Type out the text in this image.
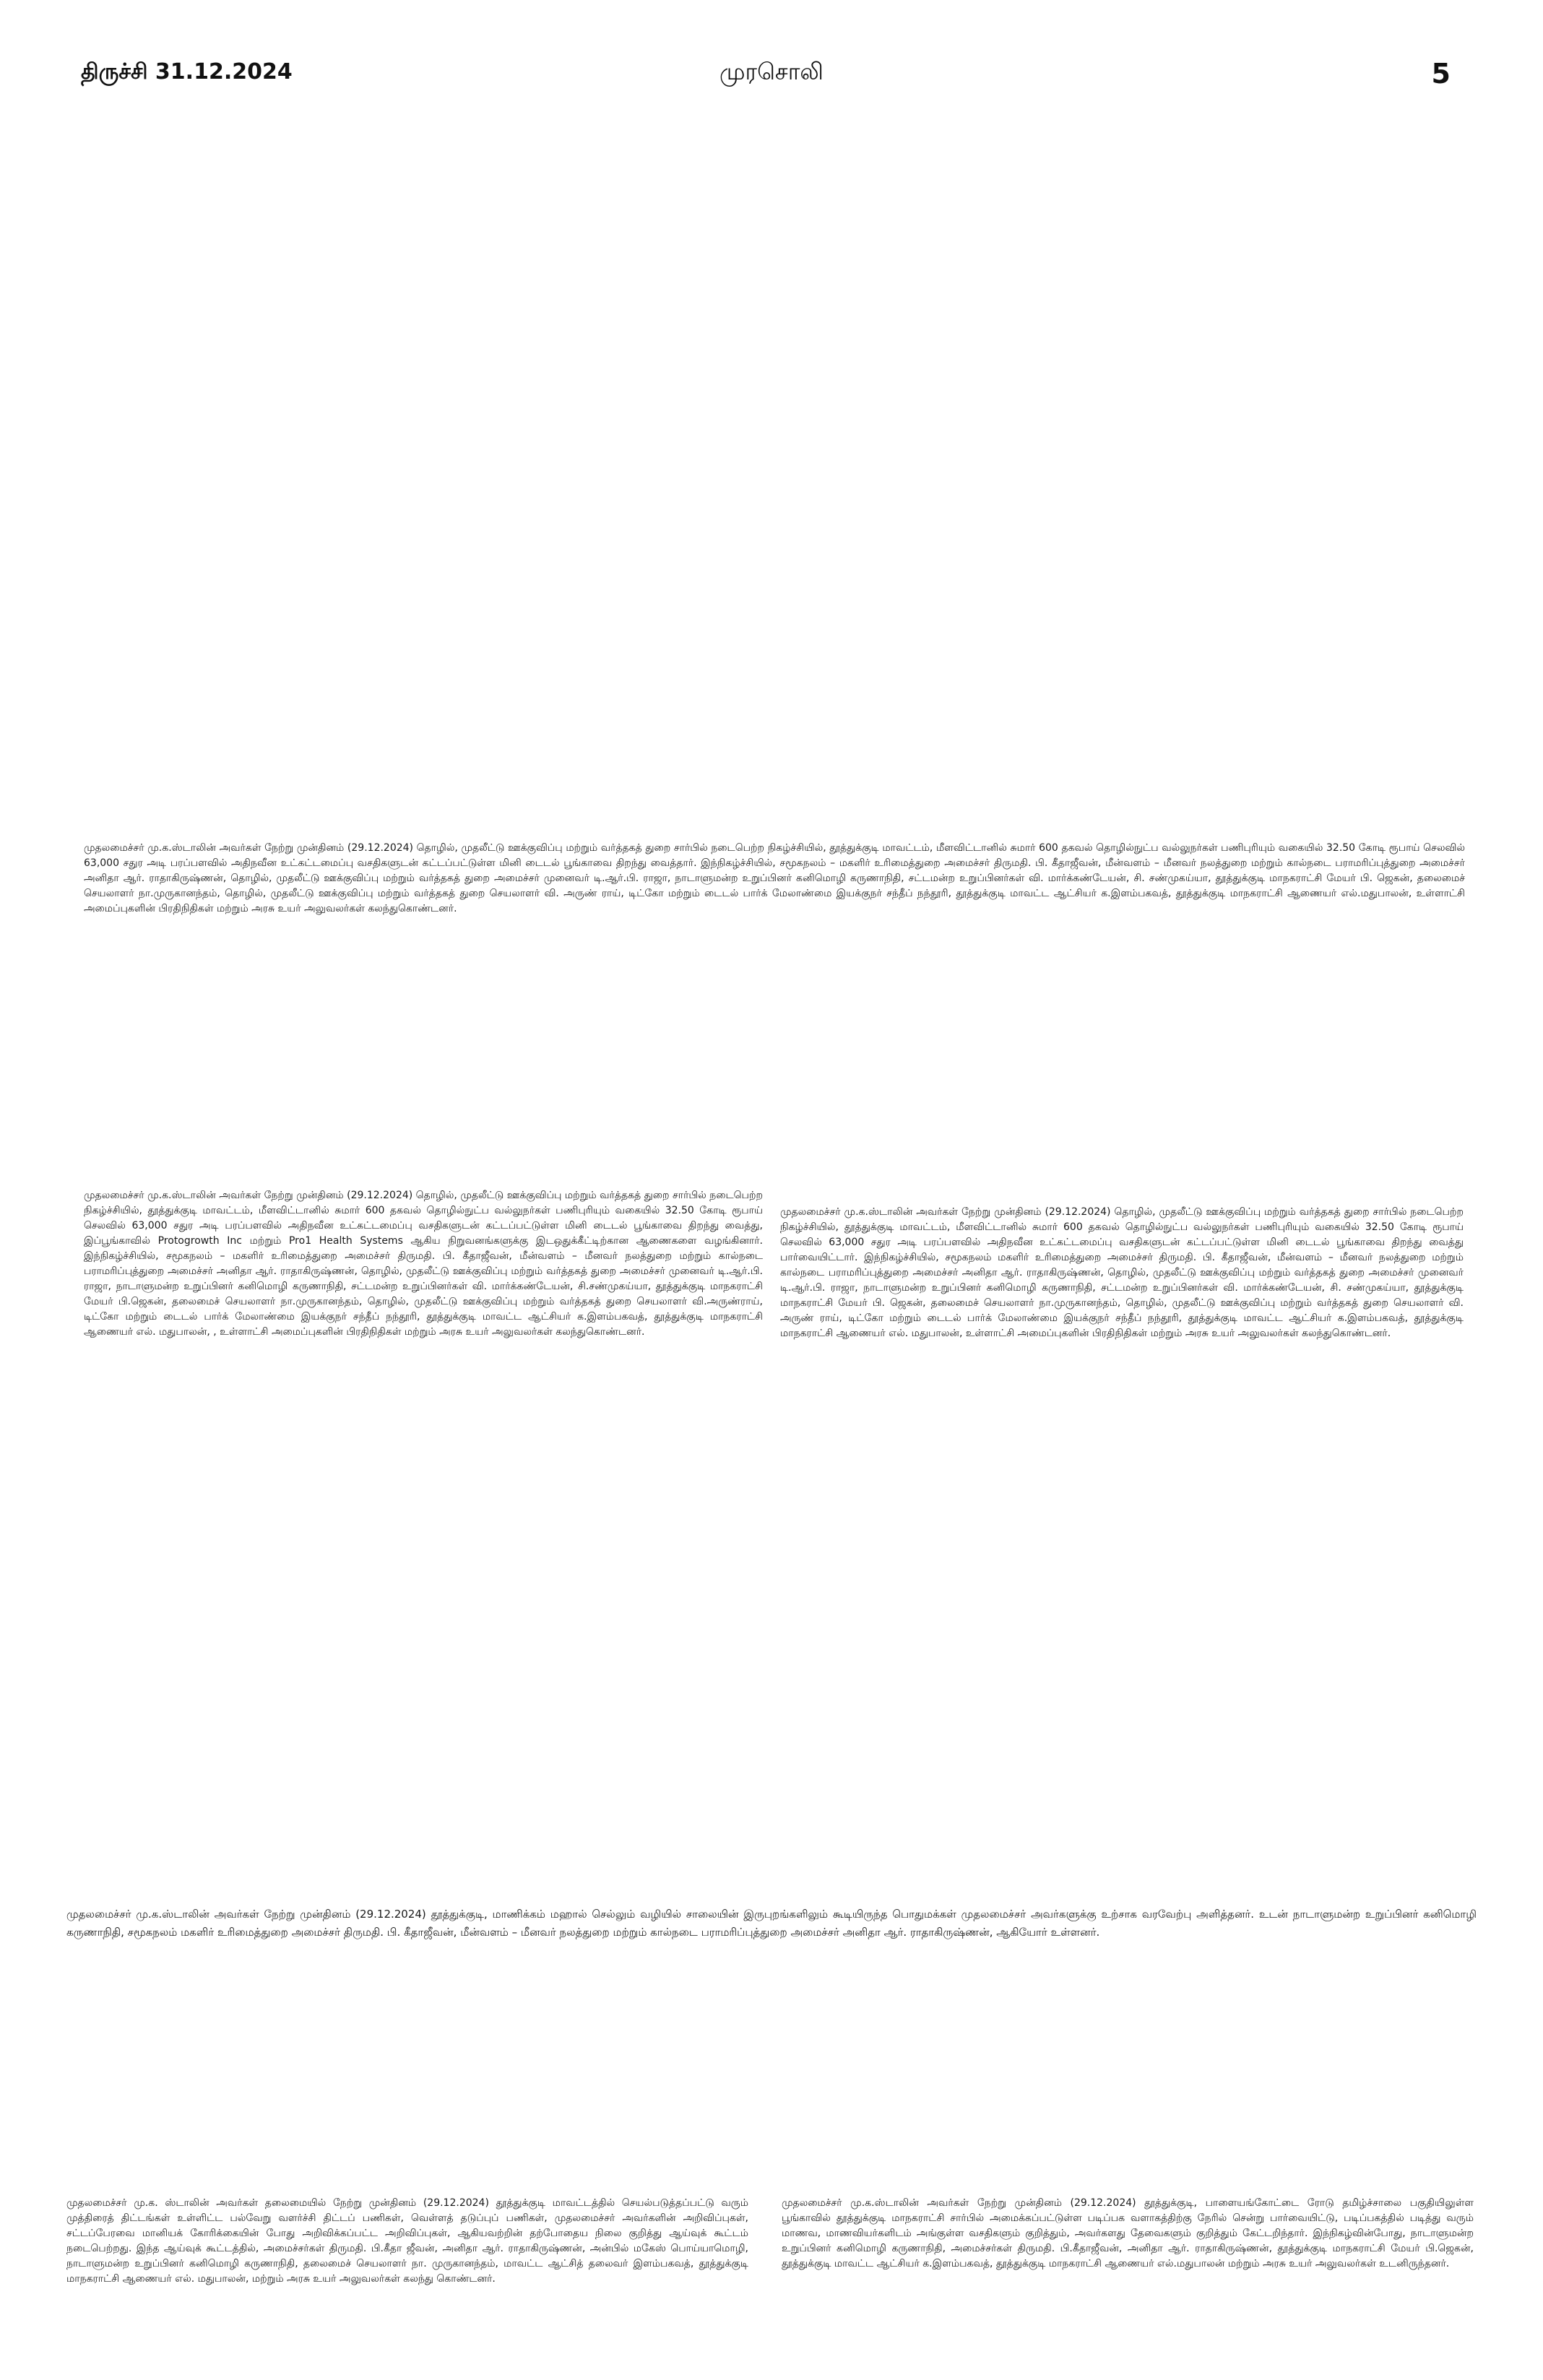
திருச்சி 31.12.2024	முரசொலி	5

முதலமைச்சர் மு.க.ஸ்டாலின் அவர்கள் நேற்று முன்தினம் (29.12.2024) தொழில், முதலீட்டு ஊக்குவிப்பு மற்றும் வர்த்தகத் துறை சார்பில் நடைபெற்ற நிகழ்ச்சியில், தூத்துக்குடி மாவட்டம், மீளவிட்டானில் சுமார் 600 தகவல் தொழில்நுட்ப வல்லுநர்கள் பணிபுரியும் வகையில் 32.50 கோடி ரூபாய் செலவில் 63,000 சதுர அடி பரப்பளவில் அதிநவீன உட்கட்டமைப்பு வசதிகளுடன் கட்டப்பட்டுள்ள மினி டைடல் பூங்காவை திறந்து வைத்தார். இந்நிகழ்ச்சியில், சமூகநலம் – மகளிர் உரிமைத்துறை அமைச்சர் திருமதி. பி. கீதாஜீவன், மீன்வளம் – மீனவர் நலத்துறை மற்றும் கால்நடை பராமரிப்புத்துறை அமைச்சர் அனிதா ஆர். ராதாகிருஷ்ணன், தொழில், முதலீட்டு ஊக்குவிப்பு மற்றும் வர்த்தகத் துறை அமைச்சர் முனைவர் டி.ஆர்.பி. ராஜா, நாடாளுமன்ற உறுப்பினர் கனிமொழி கருணாநிதி, சட்டமன்ற உறுப்பினர்கள் வி. மார்க்கண்டேயன், சி. சண்முகய்யா, தூத்துக்குடி மாநகராட்சி மேயர் பி. ஜெகன், தலைமைச் செயலாளர் நா.முருகானந்தம், தொழில், முதலீட்டு ஊக்குவிப்பு மற்றும் வர்த்தகத் துறை செயலாளர் வி. அருண் ராய், டிட்கோ மற்றும் டைடல் பார்க் மேலாண்மை இயக்குநர் சந்தீப் நந்தூரி, தூத்துக்குடி மாவட்ட ஆட்சியர் க.இளம்பகவத், தூத்துக்குடி மாநகராட்சி ஆணையர் எல்.மதுபாலன், உள்ளாட்சி அமைப்புகளின் பிரதிநிதிகள் மற்றும் அரசு உயர் அலுவலர்கள் கலந்துகொண்டனர்.

முதலமைச்சர் மு.க.ஸ்டாலின் அவர்கள் நேற்று முன்தினம் (29.12.2024) தொழில், முதலீட்டு ஊக்குவிப்பு மற்றும் வர்த்தகத் துறை சார்பில் நடைபெற்ற நிகழ்ச்சியில், தூத்துக்குடி மாவட்டம், மீளவிட்டானில் சுமார் 600 தகவல் தொழில்நுட்ப வல்லுநர்கள் பணிபுரியும் வகையில் 32.50 கோடி ரூபாய் செலவில் 63,000 சதுர அடி பரப்பளவில் அதிநவீன உட்கட்டமைப்பு வசதிகளுடன் கட்டப்பட்டுள்ள மினி டைடல் பூங்காவை திறந்து வைத்து, இப்பூங்காவில் Protogrowth Inc மற்றும் Pro1 Health Systems ஆகிய நிறுவனங்களுக்கு இடஒதுக்கீட்டிற்கான ஆணைகளை வழங்கினார். இந்நிகழ்ச்சியில், சமூகநலம் – மகளிர் உரிமைத்துறை அமைச்சர் திருமதி. பி. கீதாஜீவன், மீன்வளம் – மீனவர் நலத்துறை மற்றும் கால்நடை பராமரிப்புத்துறை அமைச்சர் அனிதா ஆர். ராதாகிருஷ்ணன், தொழில், முதலீட்டு ஊக்குவிப்பு மற்றும் வர்த்தகத் துறை அமைச்சர் முனைவர் டி.ஆர்.பி. ராஜா, நாடாளுமன்ற உறுப்பினர் கனிமொழி கருணாநிதி, சட்டமன்ற உறுப்பினர்கள் வி. மார்க்கண்டேயன், சி.சண்முகய்யா, தூத்துக்குடி மாநகராட்சி மேயர் பி.ஜெகன், தலைமைச் செயலாளர் நா.முருகானந்தம், தொழில், முதலீட்டு ஊக்குவிப்பு மற்றும் வர்த்தகத் துறை செயலாளர் வி.அருண்ராய், டிட்கோ மற்றும் டைடல் பார்க் மேலாண்மை இயக்குநர் சந்தீப் நந்தூரி, தூத்துக்குடி மாவட்ட ஆட்சியர் க.இளம்பகவத், தூத்துக்குடி மாநகராட்சி ஆணையர் எல். மதுபாலன், , உள்ளாட்சி அமைப்புகளின் பிரதிநிதிகள் மற்றும் அரசு உயர் அலுவலர்கள் கலந்துகொண்டனர்.

முதலமைச்சர் மு.க.ஸ்டாலின் அவர்கள் நேற்று முன்தினம் (29.12.2024) தொழில், முதலீட்டு ஊக்குவிப்பு மற்றும் வர்த்தகத் துறை சார்பில் நடைபெற்ற நிகழ்ச்சியில், தூத்துக்குடி மாவட்டம், மீளவிட்டானில் சுமார் 600 தகவல் தொழில்நுட்ப வல்லுநர்கள் பணிபுரியும் வகையில் 32.50 கோடி ரூபாய் செலவில் 63,000 சதுர அடி பரப்பளவில் அதிநவீன உட்கட்டமைப்பு வசதிகளுடன் கட்டப்பட்டுள்ள மினி டைடல் பூங்காவை திறந்து வைத்து பார்வையிட்டார். இந்நிகழ்ச்சியில், சமூகநலம் மகளிர் உரிமைத்துறை அமைச்சர் திருமதி. பி. கீதாஜீவன், மீன்வளம் – மீனவர் நலத்துறை மற்றும் கால்நடை பராமரிப்புத்துறை அமைச்சர் அனிதா ஆர். ராதாகிருஷ்ணன், தொழில், முதலீட்டு ஊக்குவிப்பு மற்றும் வர்த்தகத் துறை அமைச்சர் முனைவர் டி.ஆர்.பி. ராஜா, நாடாளுமன்ற உறுப்பினர் கனிமொழி கருணாநிதி, சட்டமன்ற உறுப்பினர்கள் வி. மார்க்கண்டேயன், சி. சண்முகய்யா, தூத்துக்குடி மாநகராட்சி மேயர் பி. ஜெகன், தலைமைச் செயலாளர் நா.முருகானந்தம், தொழில், முதலீட்டு ஊக்குவிப்பு மற்றும் வர்த்தகத் துறை செயலாளர் வி. அருண் ராய், டிட்கோ மற்றும் டைடல் பார்க் மேலாண்மை இயக்குநர் சந்தீப் நந்தூரி, தூத்துக்குடி மாவட்ட ஆட்சியர் க.இளம்பகவத், தூத்துக்குடி மாநகராட்சி ஆணையர் எல். மதுபாலன், உள்ளாட்சி அமைப்புகளின் பிரதிநிதிகள் மற்றும் அரசு உயர் அலுவலர்கள் கலந்துகொண்டனர்.

முதலமைச்சர் மு.க.ஸ்டாலின் அவர்கள் நேற்று முன்தினம் (29.12.2024) தூத்துக்குடி, மாணிக்கம் மஹால் செல்லும் வழியில் சாலையின் இருபுறங்களிலும் கூடியிருந்த பொதுமக்கள் முதலமைச்சர் அவர்களுக்கு உற்சாக வரவேற்பு அளித்தனர். உடன் நாடாளுமன்ற உறுப்பினர் கனிமொழி கருணாநிதி, சமூகநலம் மகளிர் உரிமைத்துறை அமைச்சர் திருமதி. பி. கீதாஜீவன், மீன்வளம் – மீனவர் நலத்துறை மற்றும் கால்நடை பராமரிப்புத்துறை அமைச்சர் அனிதா ஆர். ராதாகிருஷ்ணன், ஆகியோர் உள்ளனர்.

முதலமைச்சர் மு.க. ஸ்டாலின் அவர்கள் தலைமையில் நேற்று முன்தினம் (29.12.2024) தூத்துக்குடி மாவட்டத்தில் செயல்படுத்தப்பட்டு வரும் முத்திரைத் திட்டங்கள் உள்ளிட்ட பல்வேறு வளர்ச்சி திட்டப் பணிகள், வெள்ளத் தடுப்புப் பணிகள், முதலமைச்சர் அவர்களின் அறிவிப்புகள், சட்டப்பேரவை மானியக் கோரிக்கையின் போது அறிவிக்கப்பட்ட அறிவிப்புகள், ஆகியவற்றின் தற்போதைய நிலை குறித்து ஆய்வுக் கூட்டம் நடைபெற்றது. இந்த ஆய்வுக் கூட்டத்தில், அமைச்சர்கள் திருமதி. பி.கீதா ஜீவன், அனிதா ஆர். ராதாகிருஷ்ணன், அன்பில் மகேஸ் பொய்யாமொழி, நாடாளுமன்ற உறுப்பினர் கனிமொழி கருணாநிதி, தலைமைச் செயலாளர் நா. முருகானந்தம், மாவட்ட ஆட்சித் தலைவர் இளம்பகவத், தூத்துக்குடி மாநகராட்சி ஆணையர் எல். மதுபாலன், மற்றும் அரசு உயர் அலுவலர்கள் கலந்து கொண்டனர்.

முதலமைச்சர் மு.க.ஸ்டாலின் அவர்கள் நேற்று முன்தினம் (29.12.2024) தூத்துக்குடி, பாளையங்கோட்டை ரோடு தமிழ்ச்சாலை பகுதியிலுள்ள பூங்காவில் தூத்துக்குடி மாநகராட்சி சார்பில் அமைக்கப்பட்டுள்ள படிப்பக வளாகத்திற்கு நேரில் சென்று பார்வையிட்டு, படிப்பகத்தில் படித்து வரும் மாணவ, மாணவியர்களிடம் அங்குள்ள வசதிகளும் குறித்தும், அவர்களது தேவைகளும் குறித்தும் கேட்டறிந்தார். இந்நிகழ்வின்போது, நாடாளுமன்ற உறுப்பினர் கனிமொழி கருணாநிதி, அமைச்சர்கள் திருமதி. பி.கீதாஜீவன், அனிதா ஆர். ராதாகிருஷ்ணன், தூத்துக்குடி மாநகராட்சி மேயர் பி.ஜெகன், தூத்துக்குடி மாவட்ட ஆட்சியர் க.இளம்பகவத், தூத்துக்குடி மாநகராட்சி ஆணையர் எல்.மதுபாலன் மற்றும் அரசு உயர் அலுவலர்கள் உடனிருந்தனர்.
